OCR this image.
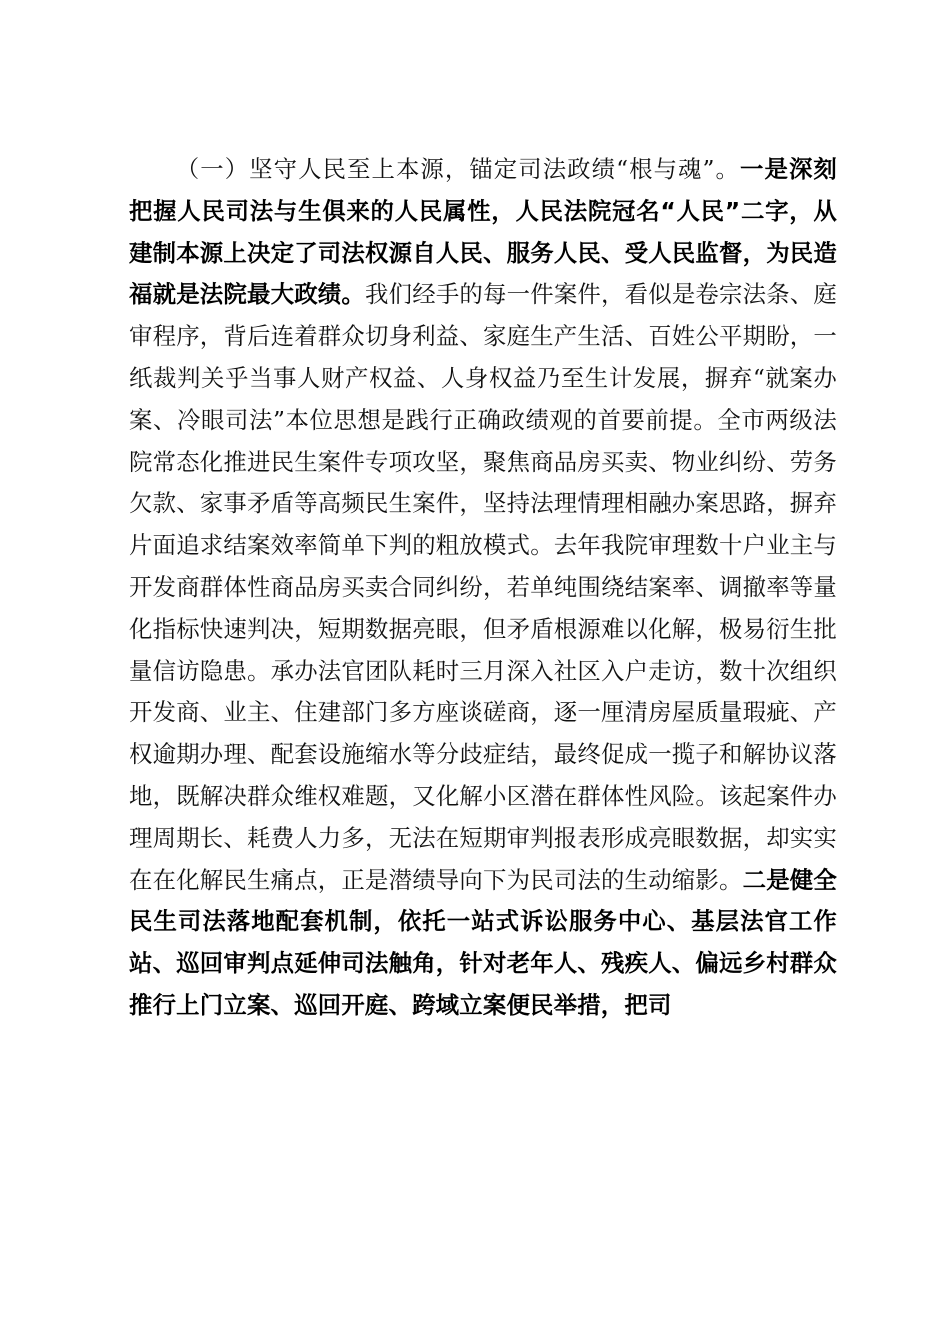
（一）坚守人民至上本源，锚定司法政绩“根与魂”。一是深刻把握人民司法与生俱来的人民属性，人民法院冠名“人民”二字，从建制本源上决定了司法权源自人民、服务人民、受人民监督，为民造福就是法院最大政绩。我们经手的每一件案件，看似是卷宗法条、庭审程序，背后连着群众切身利益、家庭生产生活、百姓公平期盼，一纸裁判关乎当事人财产权益、人身权益乃至生计发展，摒弃“就案办案、冷眼司法”本位思想是践行正确政绩观的首要前提。全市两级法院常态化推进民生案件专项攻坚，聚焦商品房买卖、物业纠纷、劳务欠款、家事矛盾等高频民生案件，坚持法理情理相融办案思路，摒弃片面追求结案效率简单下判的粗放模式。去年我院审理数十户业主与开发商群体性商品房买卖合同纠纷，若单纯围绕结案率、调撤率等量化指标快速判决，短期数据亮眼，但矛盾根源难以化解，极易衍生批量信访隐患。承办法官团队耗时三月深入社区入户走访，数十次组织开发商、业主、住建部门多方座谈磋商，逐一厘清房屋质量瑕疵、产权逾期办理、配套设施缩水等分歧症结，最终促成一揽子和解协议落地，既解决群众维权难题，又化解小区潜在群体性风险。该起案件办理周期长、耗费人力多，无法在短期审判报表形成亮眼数据，却实实在在化解民生痛点，正是潜绩导向下为民司法的生动缩影。二是健全民生司法落地配套机制，依托一站式诉讼服务中心、基层法官工作站、巡回审判点延伸司法触角，针对老年人、残疾人、偏远乡村群众推行上门立案、巡回开庭、跨域立案便民举措，把司
